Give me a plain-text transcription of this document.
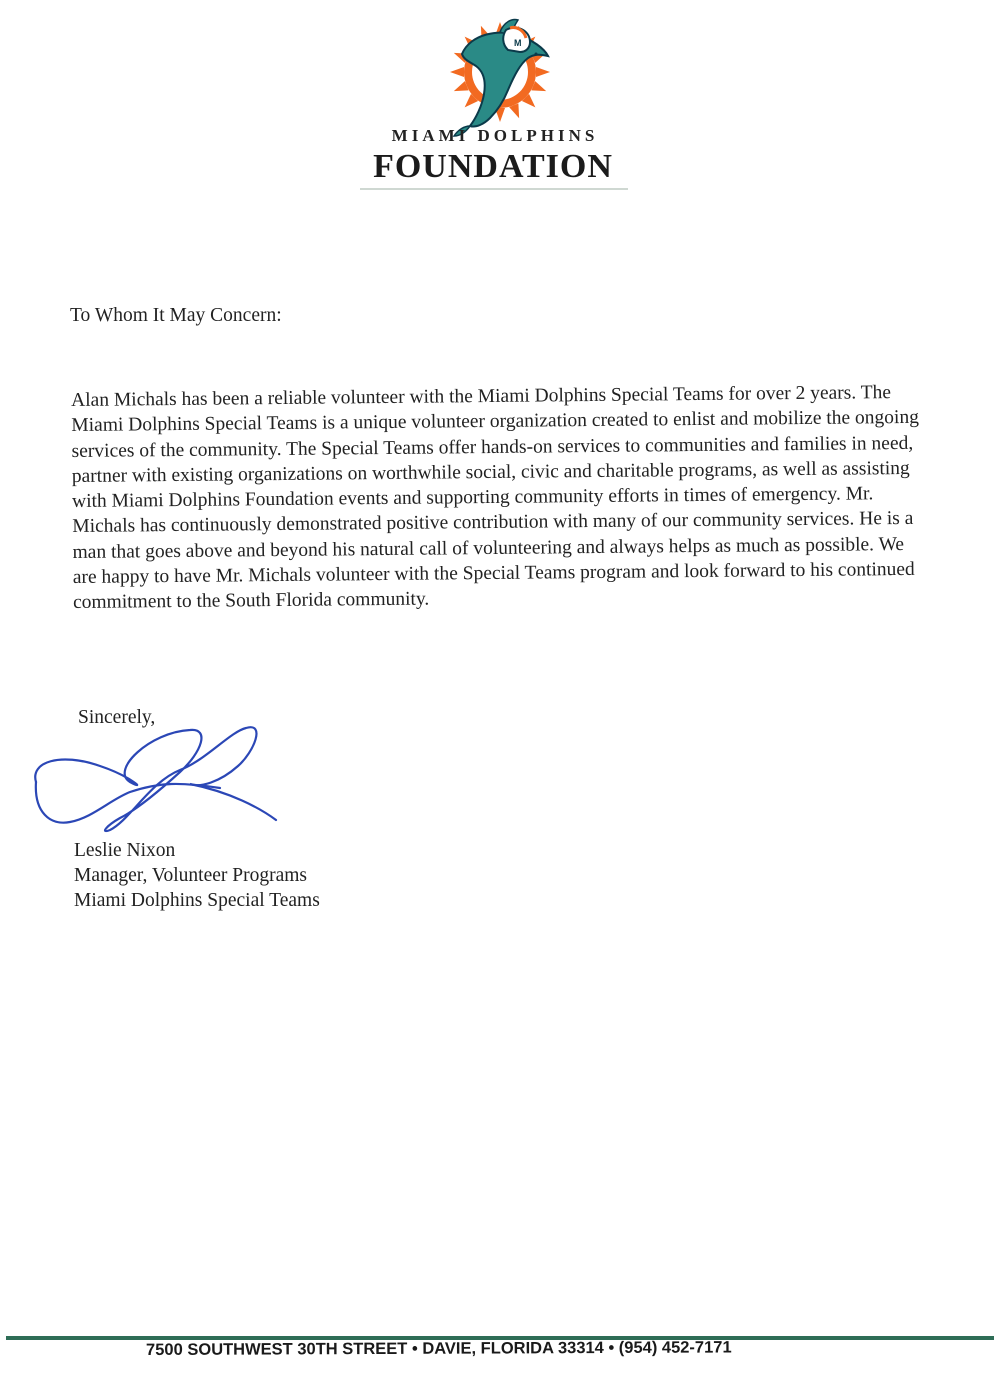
M
MIAMI DOLPHINS
FOUNDATION
To Whom It May Concern:
Alan Michals has been a reliable volunteer with the Miami Dolphins Special Teams for over 2 years. The Miami Dolphins Special Teams is a unique volunteer organization created to enlist and mobilize the ongoing services of the community. The Special Teams offer hands-on services to communities and families in need, partner with existing organizations on worthwhile social, civic and charitable programs, as well as assisting with Miami Dolphins Foundation events and supporting community efforts in times of emergency. Mr. Michals has continuously demonstrated positive contribution with many of our community services. He is a man that goes above and beyond his natural call of volunteering and always helps as much as possible. We are happy to have Mr. Michals volunteer with the Special Teams program and look forward to his continued commitment to the South Florida community.
Sincerely,
Leslie Nixon
Manager, Volunteer Programs
Miami Dolphins Special Teams
7500 SOUTHWEST 30TH STREET • DAVIE, FLORIDA 33314 • (954) 452-7171
